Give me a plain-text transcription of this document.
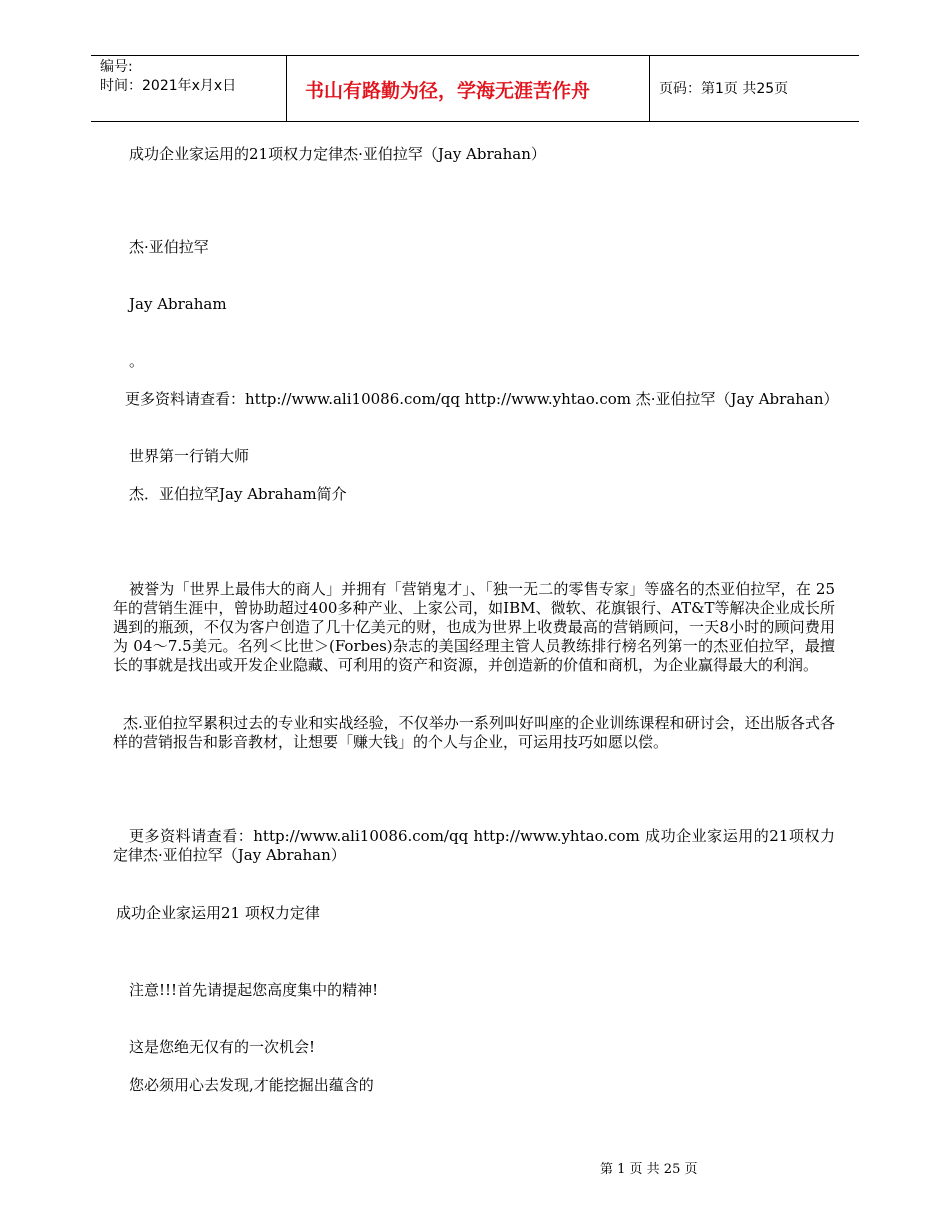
编号:
时间：2021年x月x日	书山有路勤为径，学海无涯苦作舟	页码：第1页 共25页
成功企业家运用的21项权力定律杰·亚伯拉罕（Jay Abrahan）
杰·亚伯拉罕
Jay Abraham
。
更多资料请查看：http://www.ali10086.com/qq http://www.yhtao.com 杰·亚伯拉罕（Jay Abrahan）
世界第一行销大师
杰．亚伯拉罕Jay Abraham简介
被誉为「世界上最伟大的商人」并拥有「营销鬼才」、「独一无二的零售专家」等盛名的杰亚伯拉罕，在 25年的营销生涯中，曾协助超过400多种产业、上家公司，如IBM、微软、花旗银行、AT&T等解决企业成长所遇到的瓶颈，不仅为客户创造了几十亿美元的财，也成为世界上收费最高的营销顾问，一天8小时的顾问费用为 04～7.5美元。名列＜比世＞(Forbes)杂志的美国经理主管人员教练排行榜名列第一的杰亚伯拉罕，最擅长的事就是找出或开发企业隐藏、可利用的资产和资源，并创造新的价值和商机，为企业赢得最大的利润。
杰.亚伯拉罕累积过去的专业和实战经验，不仅举办一系列叫好叫座的企业训练课程和研讨会，还出版各式各样的营销报告和影音教材，让想要「赚大钱」的个人与企业，可运用技巧如愿以偿。
更多资料请查看：http://www.ali10086.com/qq http://www.yhtao.com 成功企业家运用的21项权力定律杰·亚伯拉罕（Jay Abrahan）
成功企业家运用21 项权力定律
注意!!!首先请提起您高度集中的精神!
这是您绝无仅有的一次机会!
您必须用心去发现,才能挖掘出蕴含的
第 1 页 共 25 页
